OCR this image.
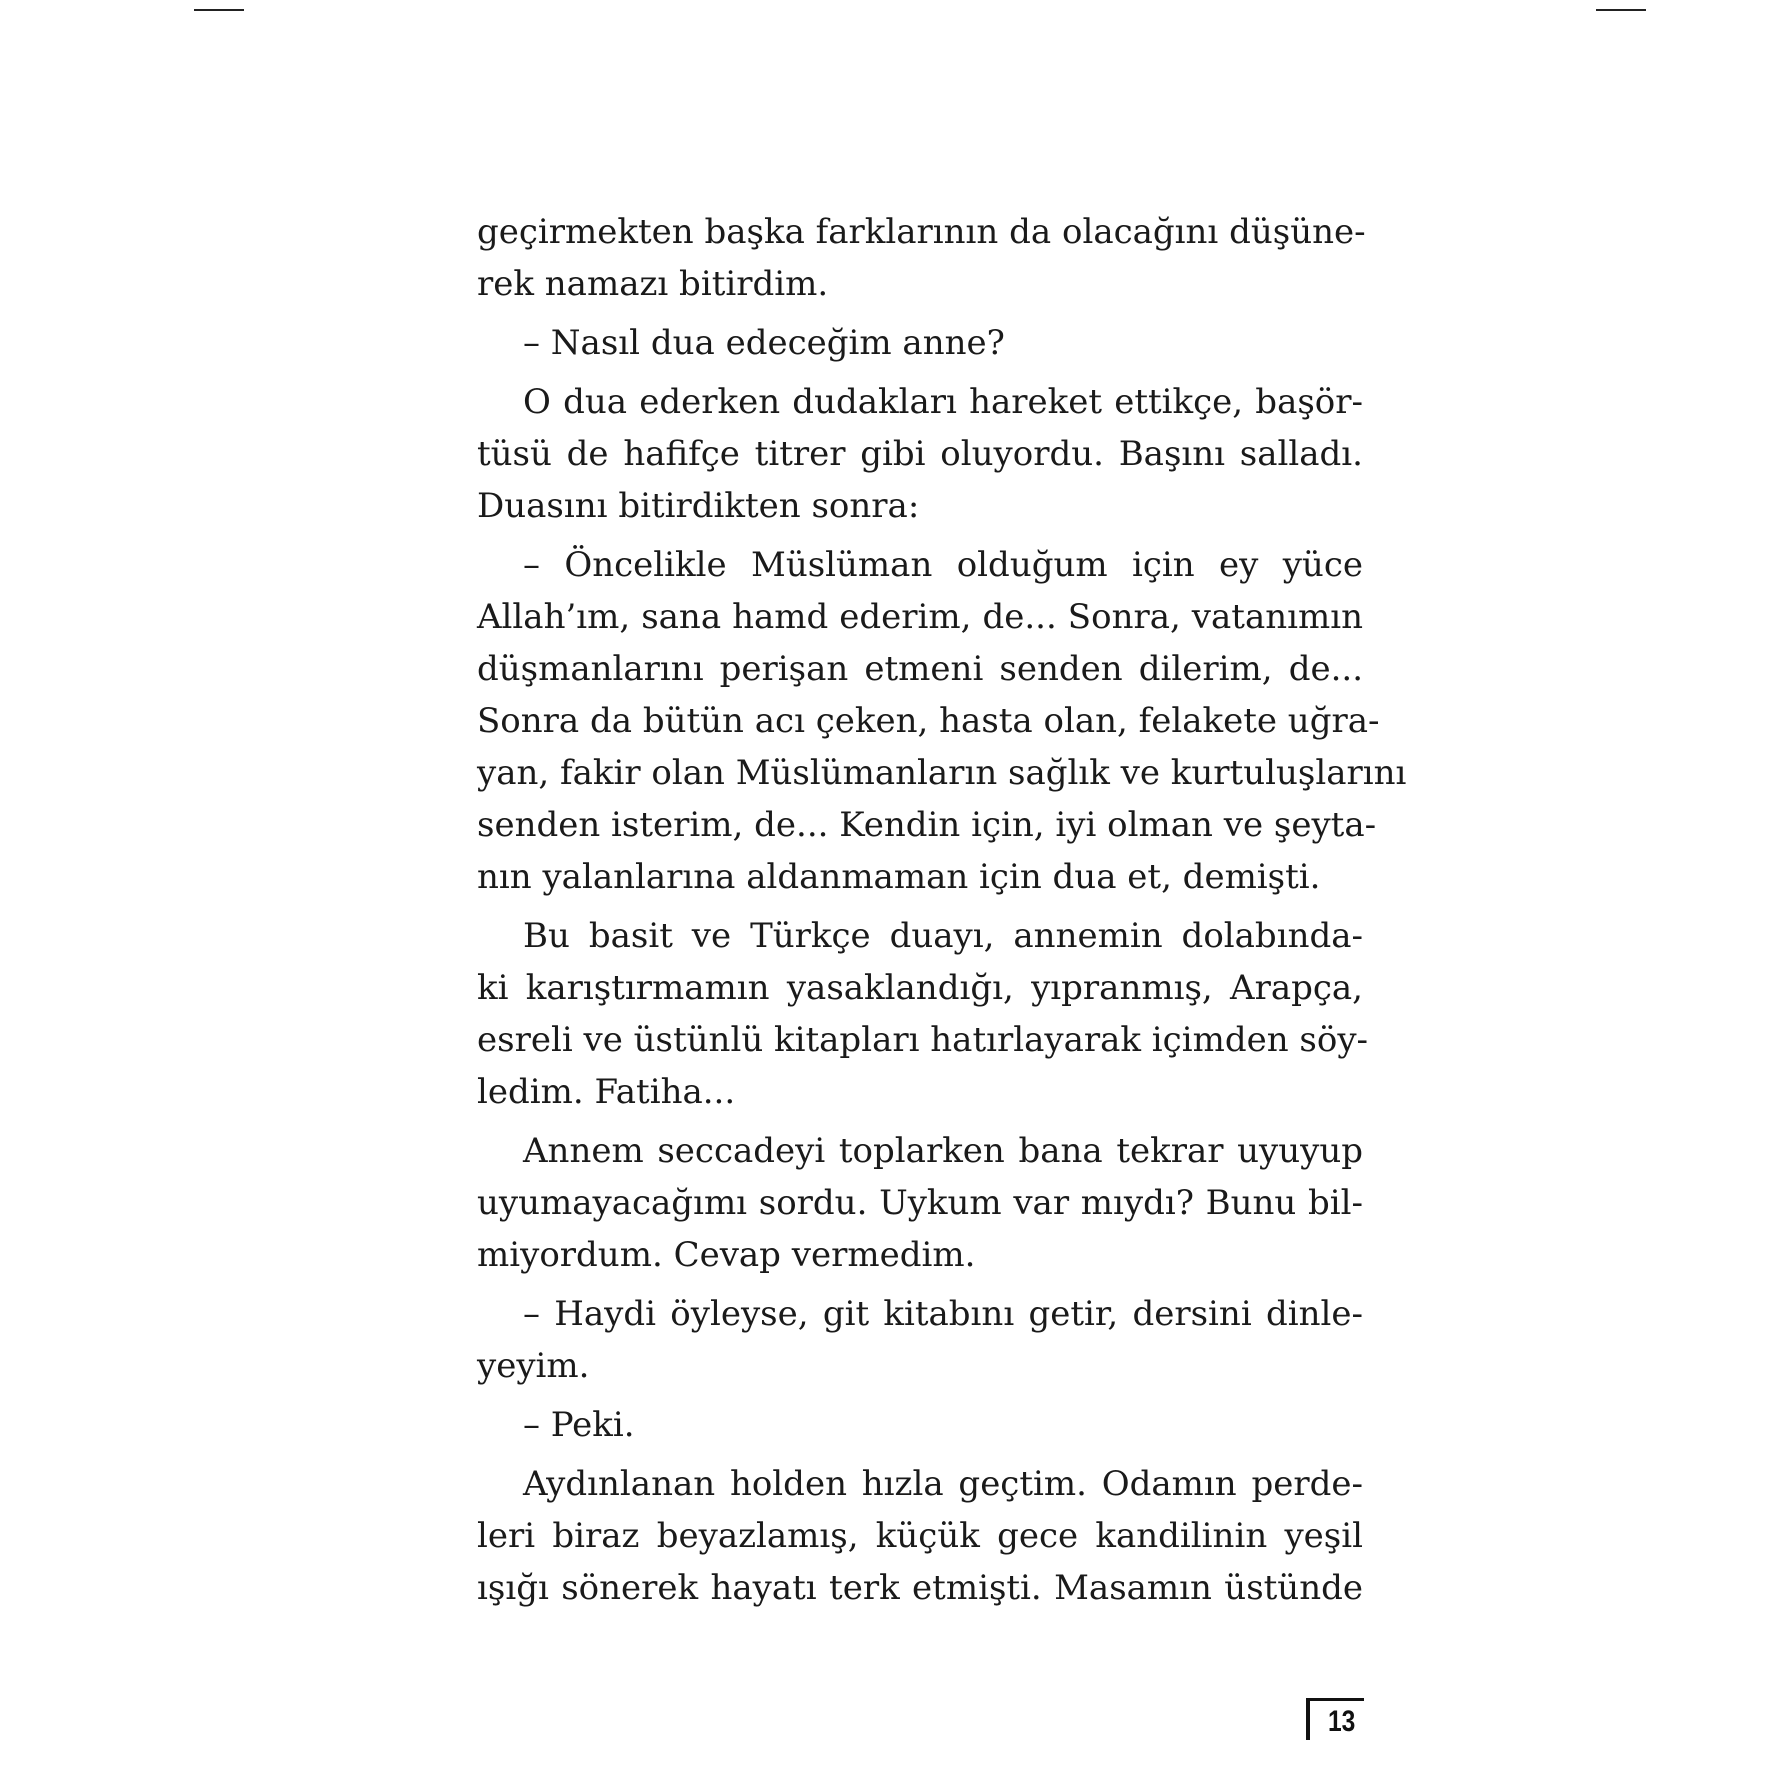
geçirmekten başka farklarının da olacağını düşüne-
rek namazı bitirdim.
– Nasıl dua edeceğim anne?
O dua ederken dudakları hareket ettikçe, başör-
tüsü de hafifçe titrer gibi oluyordu. Başını salladı.
Duasını bitirdikten sonra:
– Öncelikle Müslüman olduğum için ey yüce
Allah’ım, sana hamd ederim, de... Sonra, vatanımın
düşmanlarını perişan etmeni senden dilerim, de...
Sonra da bütün acı çeken, hasta olan, felakete uğra-
yan, fakir olan Müslümanların sağlık ve kurtuluşlarını
senden isterim, de... Kendin için, iyi olman ve şeyta-
nın yalanlarına aldanmaman için dua et, demişti.
Bu basit ve Türkçe duayı, annemin dolabında-
ki karıştırmamın yasaklandığı, yıpranmış, Arapça,
esreli ve üstünlü kitapları hatırlayarak içimden söy-
ledim. Fatiha...
Annem seccadeyi toplarken bana tekrar uyuyup
uyumayacağımı sordu. Uykum var mıydı? Bunu bil-
miyordum. Cevap vermedim.
– Haydi öyleyse, git kitabını getir, dersini dinle-
yeyim.
– Peki.
Aydınlanan holden hızla geçtim. Odamın perde-
leri biraz beyazlamış, küçük gece kandilinin yeşil
ışığı sönerek hayatı terk etmişti. Masamın üstünde
13
